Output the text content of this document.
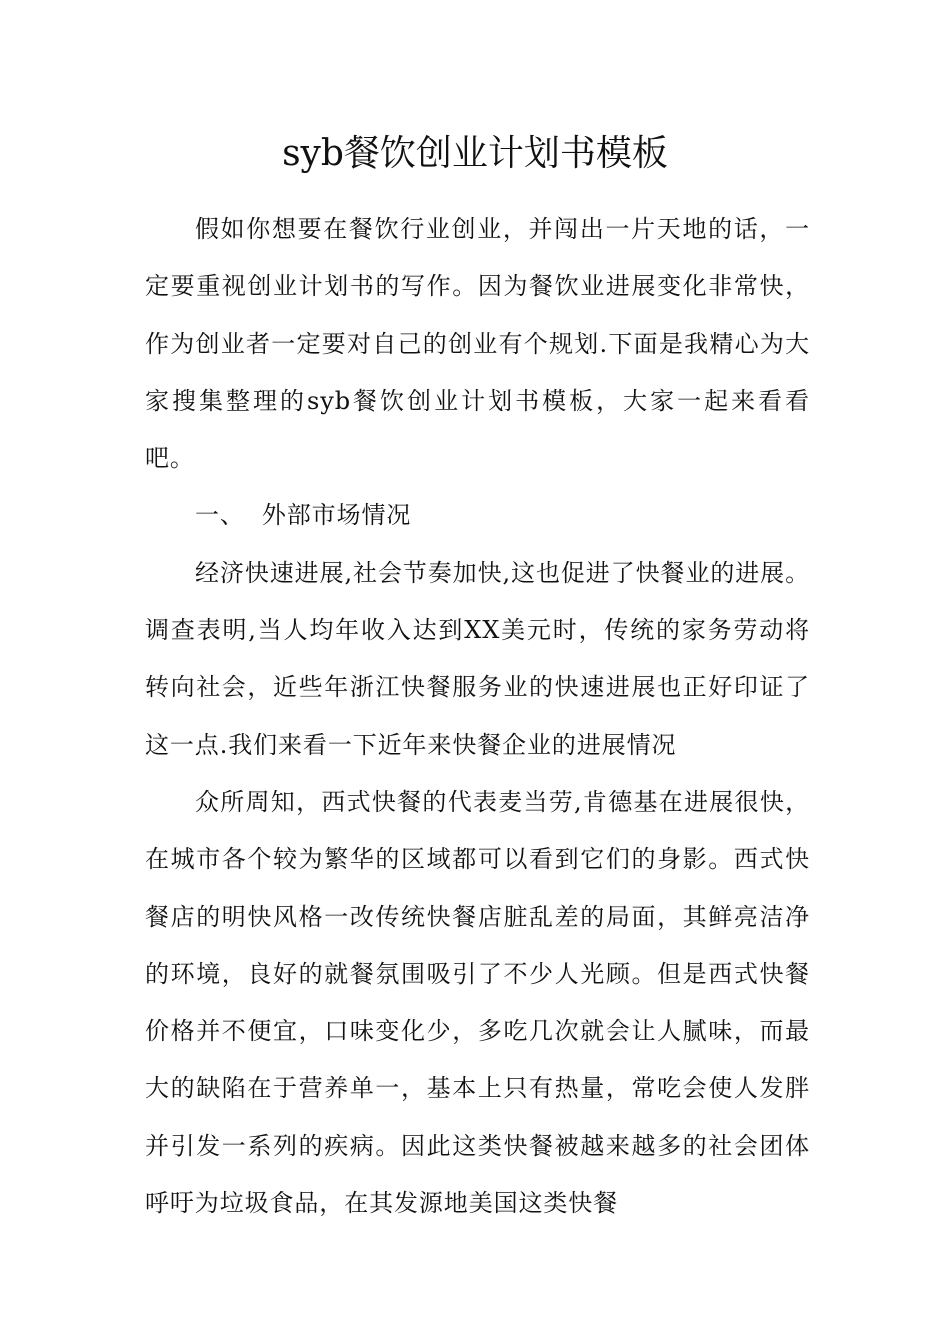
syb餐饮创业计划书模板

假如你想要在餐饮行业创业，并闯出一片天地的话，一定要重视创业计划书的写作。因为餐饮业进展变化非常快，作为创业者一定要对自己的创业有个规划.下面是我精心为大家搜集整理的syb餐饮创业计划书模板，大家一起来看看吧。

一、  外部市场情况

经济快速进展,社会节奏加快,这也促进了快餐业的进展。调查表明,当人均年收入达到XX美元时，传统的家务劳动将转向社会，近些年浙江快餐服务业的快速进展也正好印证了这一点.我们来看一下近年来快餐企业的进展情况

众所周知，西式快餐的代表麦当劳,肯德基在进展很快，在城市各个较为繁华的区域都可以看到它们的身影。西式快餐店的明快风格一改传统快餐店脏乱差的局面，其鲜亮洁净的环境，良好的就餐氛围吸引了不少人光顾。但是西式快餐价格并不便宜，口味变化少，多吃几次就会让人腻味，而最大的缺陷在于营养单一，基本上只有热量，常吃会使人发胖并引发一系列的疾病。因此这类快餐被越来越多的社会团体呼吁为垃圾食品，在其发源地美国这类快餐
